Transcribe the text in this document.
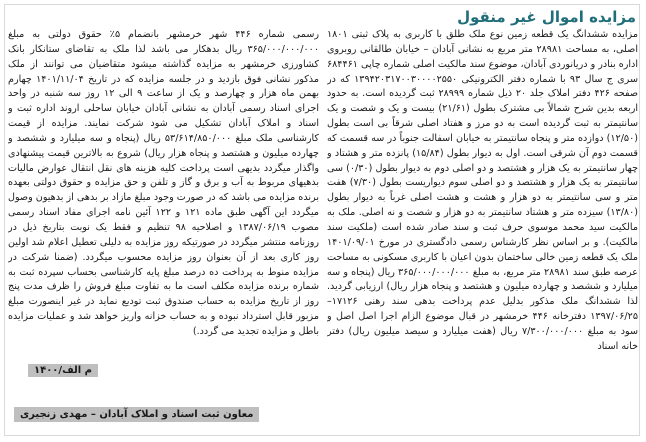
مزایده اموال غیر منقول

مزایده ششدانگ یک قطعه زمین نوع ملک طلق با کاربری به پلاک ثبتی ۱۸۰۱ اصلی، به مساحت ۲۸۹۸۱ متر مربع به نشانی آبادان – خیابان طالقانی روبروی اداره بنادر و دریانوردی آبادان، موضوع سند مالکیت اصلی شماره چاپی ۶۸۴۴۶۱ سری ج سال ۹۳ با شماره دفتر الکترونیکی ۱۳۹۴۲۰۳۱۷۰۰۳۰۰۰۰۲۵۵۰ که در صفحه ۴۲۶ دفتر املاک جلد ۲۰ ذیل شماره ۲۸۹۹۹ ثبت گردیده است. به حدود اربعه بدین شرح شمالاً بی مشترک بطول (۲۱/۶۱) بیست و یک و شصت و یک سانتیمتر به ثبت گردیده است به دو مرز و هفتاد اصلی شرقاً بی است بطول (۱۲/۵۰) دوازده متر و پنجاه سانتیمتر به خیابان اسفالت جنوباً در سه قسمت که قسمت دوم آن شرقی است. اول به دیوار بطول (۱۵/۸۴) پانزده متر و هشتاد و چهار سانتیمتر به یک هزار و هشتصد و دو اصلی دوم به دیوار بطول (۰/۳۰) سی سانتیمتر به یک هزار و هشتصد و دو اصلی سوم دیواریست بطول (۷/۳۰) هفت متر و سی سانتیمتر به دو هزار و هشت و هشت اصلی غرباً به دیوار بطول (۱۳/۸۰) سیزده متر و هشتاد سانتیمتر به دو هزار و شصت و نه اصلی. ملک به مالکیت سید محمد موسوی حرف ثبت و سند صادر شده است (ملکیت سند مالکیت). و بر اساس نظر کارشناس رسمی دادگستری در مورخ ۱۴۰۱/۰۹/۰۱ ملک یک قطعه زمین خالی ساختمان بدون اعیان با کاربری مسکونی به مساحت عرصه طبق سند ۲۸۹۸۱ متر مربع، به مبلغ ۳۶۵/۰۰۰/۰۰۰/۰۰۰ ریال (پنجاه و سه میلیارد و ششصد و چهارده میلیون و هشتصد و پنجاه هزار ریال) ارزیابی گردید. لذا ششدانگ ملک مذکور بدلیل عدم پرداخت بدهی سند رهنی ۱۷۱۲۶– ۱۳۹۷/۰۶/۲۵ دفترخانه ۴۴۶ خرمشهر در قبال موضوع الزام اجرا اصل اصل و سود به مبلغ ۷/۳۰۰/۰۰۰/۰۰۰ ریال (هفت میلیارد و سیصد میلیون ریال) دفتر خانه اسناد

رسمی شماره ۴۴۶ شهر خرمشهر بانضمام ۵٪ حقوق دولتی به مبلغ ۳۶۵/۰۰۰/۰۰۰/۰۰۰ ریال بدهکار می باشد لذا ملک به تقاضای ستانکار بانک کشاورزی خرمشهر به مزایده گذاشته میشود متقاضیان می توانند از ملک مذکور نشانی فوق بازدید و در جلسه مزایده که در تاریخ ۱۴۰۱/۱۱/۰۴ چهارم بهمن ماه هزار و چهارصد و یک از ساعت ۹ الی ۱۲ روز سه شنبه در واحد اجرای اسناد رسمی آبادان به نشانی آبادان خیابان ساحلی اروند اداره ثبت و اسناد و املاک آبادان تشکیل می شود شرکت نمایند. مزایده از قیمت کارشناسی ملک مبلغ ۵۳/۶۱۴/۸۵۰/۰۰۰ ریال (پنجاه و سه میلیارد و ششصد و چهارده میلیون و هشتصد و پنجاه هزار ریال) شروع به بالاترین قیمت پیشنهادی واگذار میگردد بدیهی است پرداخت کلیه هزینه های نقل انتقال عوارض مالیات بدهیهای مربوط به آب و برق و گاز و تلفن و حق مزایده و حقوق دولتی بعهده برنده مزایده می باشد که در صورت وجود مبلغ مازاد بر بدهی از بدهیون وصول میگردد این آگهی طبق ماده ۱۲۱ و ۱۲۲ آئین نامه اجرای مفاد اسناد رسمی مصوب ۱۳۸۷/۰۶/۱۹ و اصلاحیه ۹۸ تنظیم و فقط یک نوبت بتاریخ ذیل در روزنامه منتشر میگردد در صورتیکه روز مزایده به دلیلی تعطیل اعلام شد اولین روز کاری بعد از آن بعنوان روز مزایده محسوب میگردد. (ضمنا شرکت در مزایده منوط به پرداخت ده درصد مبلغ پایه کارشناسی بحساب سپرده ثبت به شماره برنده مزایده مکلف است ما به تفاوت مبلغ فروش را ظرف مدت پنج روز از تاریخ مزایده به حساب صندوق ثبت تودیع نماید در غیر اینصورت مبلغ مزبور قابل استرداد نبوده و به حساب خزانه واریز خواهد شد و عملیات مزایده باطل و مزایده تجدید می گردد.)

م الف/۱۴۰۰
معاون ثبت اسناد و املاک آبادان – مهدی زنجیری
